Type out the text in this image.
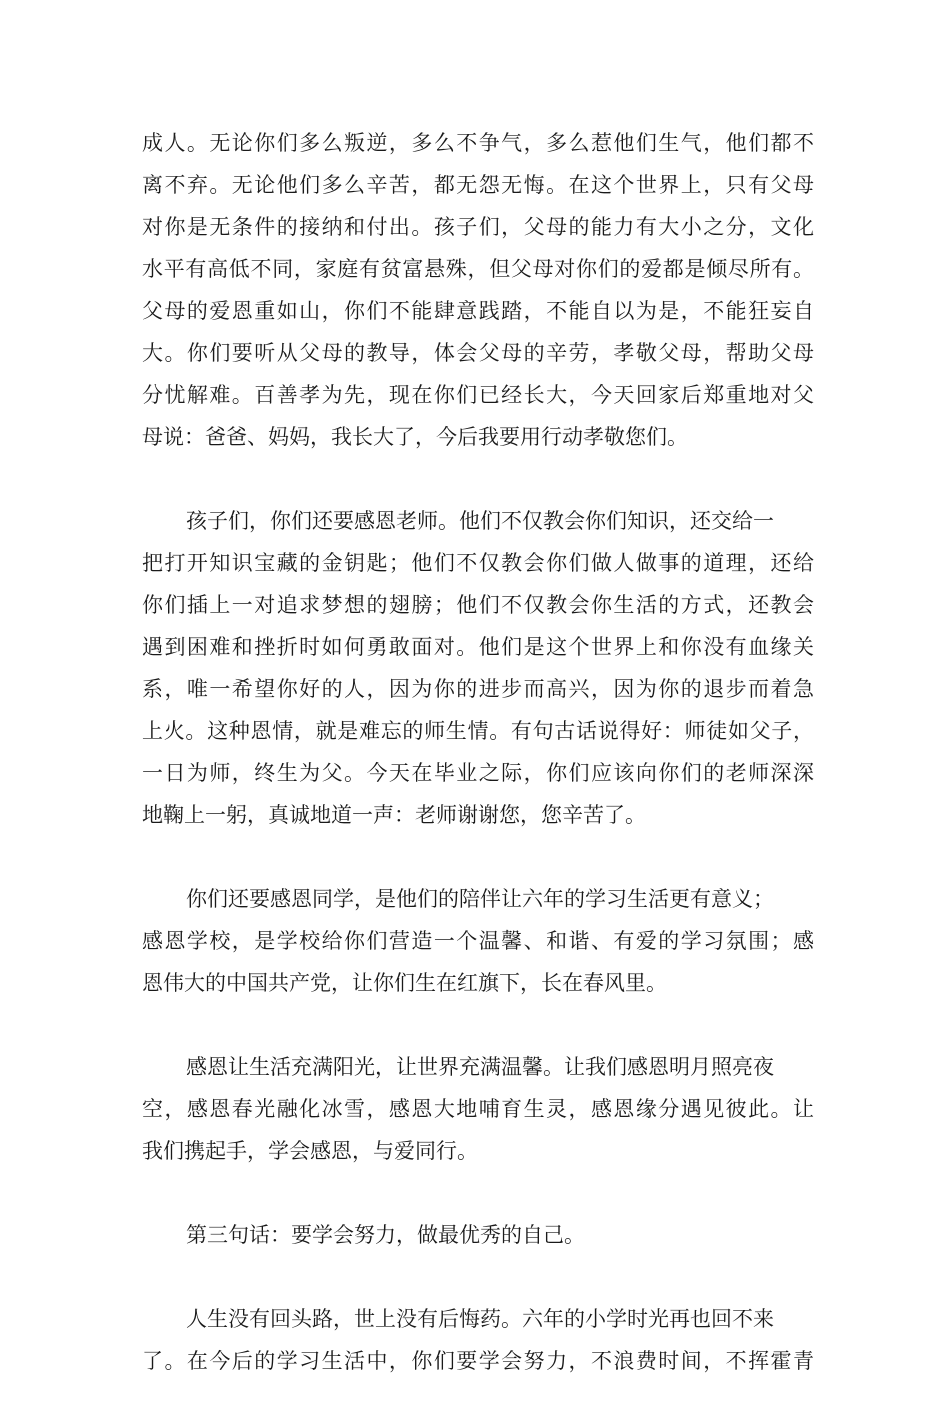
成人。无论你们多么叛逆，多么不争气，多么惹他们生气，他们都不
离不弃。无论他们多么辛苦，都无怨无悔。在这个世界上，只有父母
对你是无条件的接纳和付出。孩子们，父母的能力有大小之分，文化
水平有高低不同，家庭有贫富悬殊，但父母对你们的爱都是倾尽所有。
父母的爱恩重如山，你们不能肆意践踏，不能自以为是，不能狂妄自
大。你们要听从父母的教导，体会父母的辛劳，孝敬父母，帮助父母
分忧解难。百善孝为先，现在你们已经长大，今天回家后郑重地对父
母说：爸爸、妈妈，我长大了，今后我要用行动孝敬您们。
孩子们，你们还要感恩老师。他们不仅教会你们知识，还交给一
把打开知识宝藏的金钥匙；他们不仅教会你们做人做事的道理，还给
你们插上一对追求梦想的翅膀；他们不仅教会你生活的方式，还教会
遇到困难和挫折时如何勇敢面对。他们是这个世界上和你没有血缘关
系，唯一希望你好的人，因为你的进步而高兴，因为你的退步而着急
上火。这种恩情，就是难忘的师生情。有句古话说得好：师徒如父子，
一日为师，终生为父。今天在毕业之际，你们应该向你们的老师深深
地鞠上一躬，真诚地道一声：老师谢谢您，您辛苦了。
你们还要感恩同学，是他们的陪伴让六年的学习生活更有意义；
感恩学校，是学校给你们营造一个温馨、和谐、有爱的学习氛围；感
恩伟大的中国共产党，让你们生在红旗下，长在春风里。
感恩让生活充满阳光，让世界充满温馨。让我们感恩明月照亮夜
空，感恩春光融化冰雪，感恩大地哺育生灵，感恩缘分遇见彼此。让
我们携起手，学会感恩，与爱同行。
第三句话：要学会努力，做最优秀的自己。
人生没有回头路，世上没有后悔药。六年的小学时光再也回不来
了。在今后的学习生活中，你们要学会努力，不浪费时间，不挥霍青
